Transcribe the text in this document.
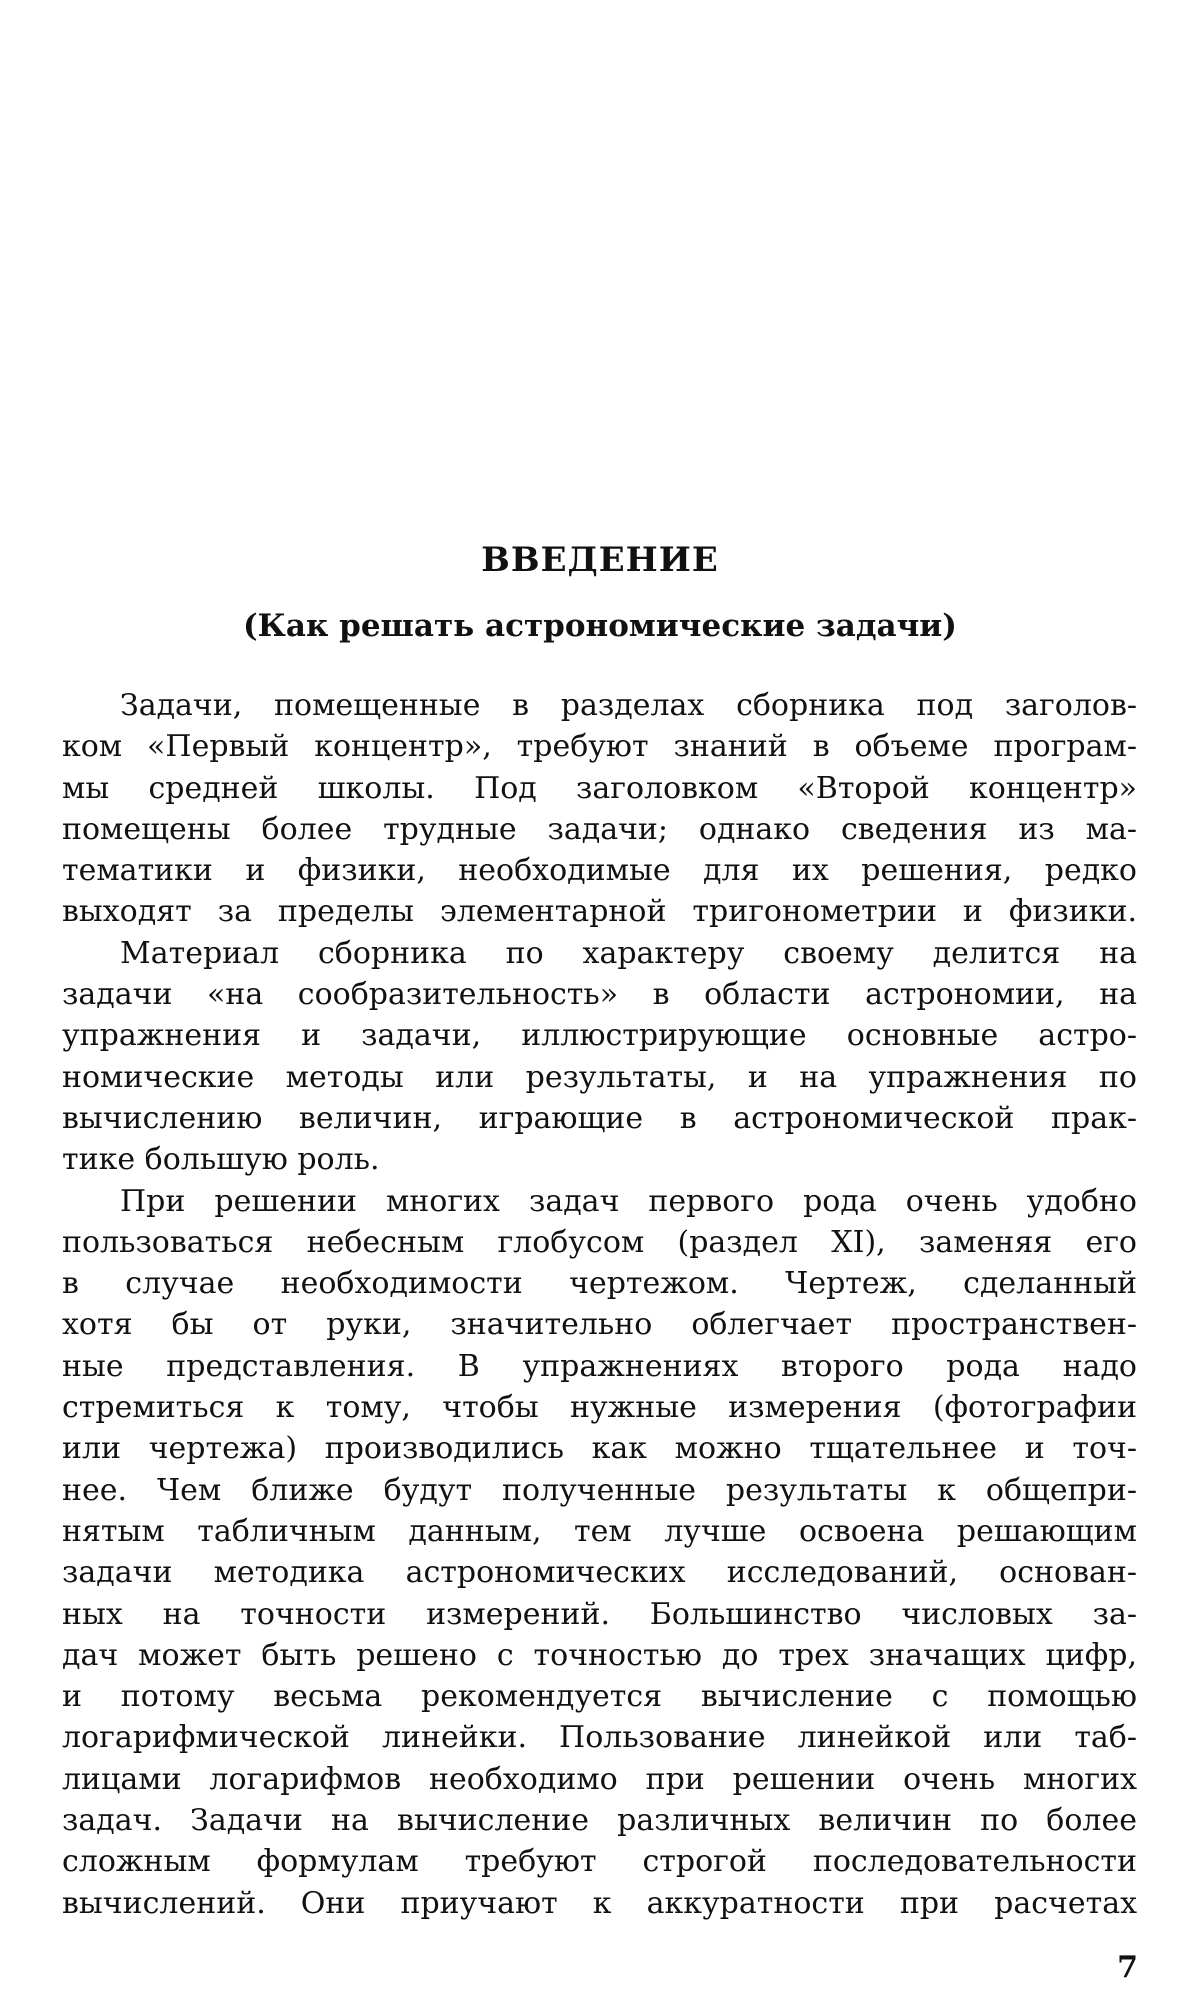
ВВЕДЕНИЕ
(Как решать астрономические задачи)
Задачи, помещенные в разделах сборника под заголов-
ком «Первый концентр», требуют знаний в объеме програм-
мы средней школы. Под заголовком «Второй концентр»
помещены более трудные задачи; однако сведения из ма-
тематики и физики, необходимые для их решения, редко
выходят за пределы элементарной тригонометрии и физики.
Материал сборника по характеру своему делится на
задачи «на сообразительность» в области астрономии, на
упражнения и задачи, иллюстрирующие основные астро-
номические методы или результаты, и на упражнения по
вычислению величин, играющие в астрономической прак-
тике большую роль.
При решении многих задач первого рода очень удобно
пользоваться небесным глобусом (раздел XI), заменяя его
в случае необходимости чертежом. Чертеж, сделанный
хотя бы от руки, значительно облегчает пространствен-
ные представления. В упражнениях второго рода надо
стремиться к тому, чтобы нужные измерения (фотографии
или чертежа) производились как можно тщательнее и точ-
нее. Чем ближе будут полученные результаты к общепри-
нятым табличным данным, тем лучше освоена решающим
задачи методика астрономических исследований, основан-
ных на точности измерений. Большинство числовых за-
дач может быть решено с точностью до трех значащих цифр,
и потому весьма рекомендуется вычисление с помощью
логарифмической линейки. Пользование линейкой или таб-
лицами логарифмов необходимо при решении очень многих
задач. Задачи на вычисление различных величин по более
сложным формулам требуют строгой последовательности
вычислений. Они приучают к аккуратности при расчетах

7
